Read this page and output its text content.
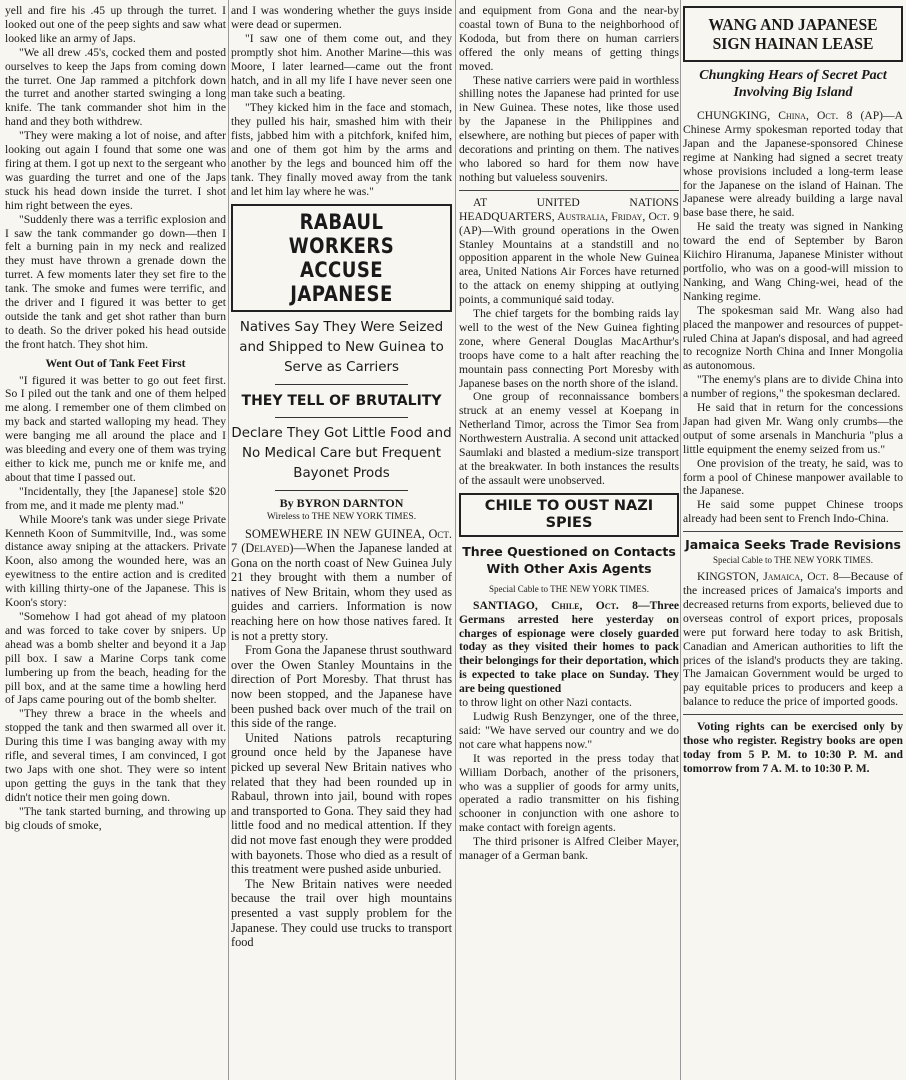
yell and fire his .45 up through the turret. I looked out one of the peep sights and saw what looked like an army of Japs.

"We all drew .45's, cocked them and posted ourselves to keep the Japs from coming down the turret. One Jap rammed a pitchfork down the turret and another started swinging a long knife. The tank commander shot him in the hand and they both withdrew.

"They were making a lot of noise, and after looking out again I found that some one was firing at them. I got up next to the sergeant who was guarding the turret and one of the Japs stuck his head down inside the turret. I shot him right between the eyes.

"Suddenly there was a terrific explosion and I saw the tank commander go down—then I felt a burning pain in my neck and realized they must have thrown a grenade down the turret. A few moments later they set fire to the tank. The smoke and fumes were terrific, and the driver and I figured it was better to get outside the tank and get shot rather than burn to death. So the driver poked his head outside the front hatch. They shot him.

Went Out of Tank Feet First

"I figured it was better to go out feet first. So I piled out the tank and one of them helped me along. I remember one of them climbed on my back and started walloping my head. They were banging me all around the place and I was bleeding and every one of them was trying either to kick me, punch me or knife me, and about that time I passed out.

"Incidentally, they [the Japanese] stole $20 from me, and it made me plenty mad."

While Moore's tank was under siege Private Kenneth Koon of Summitville, Ind., was some distance away sniping at the attackers. Private Koon, also among the wounded here, was an eyewitness to the entire action and is credited with killing thirty-one of the Japanese. This is Koon's story:

"Somehow I had got ahead of my platoon and was forced to take cover by snipers. Up ahead was a bomb shelter and beyond it a Jap pill box. I saw a Marine Corps tank come lumbering up from the beach, heading for the pill box, and at the same time a howling herd of Japs came pouring out of the bomb shelter.

"They threw a brace in the wheels and stopped the tank and then swarmed all over it. During this time I was banging away with my rifle, and several times, I am convinced, I got two Japs with one shot. They were so intent upon getting the guys in the tank that they didn't notice their men going down.

"The tank started burning, and throwing up big clouds of smoke,

and I was wondering whether the guys inside were dead or supermen.

"I saw one of them come out, and they promptly shot him. Another Marine—this was Moore, I later learned—came out the front hatch, and in all my life I have never seen one man take such a beating.

"They kicked him in the face and stomach, they pulled his hair, smashed him with their fists, jabbed him with a pitchfork, knifed him, and one of them got him by the arms and another by the legs and bounced him off the tank. They finally moved away from the tank and let him lay where he was."

RABAUL WORKERS ACCUSE JAPANESE
Natives Say They Were Seized and Shipped to New Guinea to Serve as Carriers
THEY TELL OF BRUTALITY
Declare They Got Little Food and No Medical Care but Frequent Bayonet Prods
By BYRON DARNTON
Wireless to THE NEW YORK TIMES.

SOMEWHERE IN NEW GUINEA, Oct. 7 (Delayed)—When the Japanese landed at Gona on the north coast of New Guinea July 21 they brought with them a number of natives of New Britain, whom they used as guides and carriers. Information is now reaching here on how those natives fared. It is not a pretty story.

From Gona the Japanese thrust southward over the Owen Stanley Mountains in the direction of Port Moresby. That thrust has now been stopped, and the Japanese have been pushed back over much of the trail on this side of the range.

United Nations patrols recapturing ground once held by the Japanese have picked up several New Britain natives who related that they had been rounded up in Rabaul, thrown into jail, bound with ropes and transported to Gona. They said they had little food and no medical attention. If they did not move fast enough they were prodded with bayonets. Those who died as a result of this treatment were pushed aside unburied.

The New Britain natives were needed because the trail over high mountains presented a vast supply problem for the Japanese. They could use trucks to transport food

and equipment from Gona and the near-by coastal town of Buna to the neighborhood of Kododa, but from there on human carriers offered the only means of getting things moved.

These native carriers were paid in worthless shilling notes the Japanese had printed for use in New Guinea. These notes, like those used by the Japanese in the Philippines and elsewhere, are nothing but pieces of paper with decorations and printing on them. The natives who labored so hard for them now have nothing but valueless souvenirs.

AT UNITED NATIONS HEADQUARTERS, Australia, Friday, Oct. 9 (AP)—With ground operations in the Owen Stanley Mountains at a standstill and no opposition apparent in the whole New Guinea area, United Nations Air Forces have returned to the attack on enemy shipping at outlying points, a communiqué said today.

The chief targets for the bombing raids lay well to the west of the New Guinea fighting zone, where General Douglas MacArthur's troops have come to a halt after reaching the mountain pass connecting Port Moresby with Japanese bases on the north shore of the island.

One group of reconnaissance bombers struck at an enemy vessel at Koepang in Netherland Timor, across the Timor Sea from Northwestern Australia. A second unit attacked Saumlaki and blasted a medium-size transport at the breakwater. In both instances the results of the assault were unobserved.

CHILE TO OUST NAZI SPIES
Three Questioned on Contacts With Other Axis Agents
Special Cable to THE NEW YORK TIMES.

SANTIAGO, Chile, Oct. 8—Three Germans arrested here yesterday on charges of espionage were closely guarded today as they visited their homes to pack their belongings for their deportation, which is expected to take place on Sunday. They are being questioned

to throw light on other Nazi contacts.

Ludwig Rush Benzynger, one of the three, said: "We have served our country and we do not care what happens now."

It was reported in the press today that William Dorbach, another of the prisoners, who was a supplier of goods for army units, operated a radio transmitter on his fishing schooner in conjunction with one ashore to make contact with foreign agents.

The third prisoner is Alfred Cleiber Mayer, manager of a German bank.

WANG AND JAPANESE SIGN HAINAN LEASE
Chungking Hears of Secret Pact Involving Big Island

CHUNGKING, China, Oct. 8 (AP)—A Chinese Army spokesman reported today that Japan and the Japanese-sponsored Chinese regime at Nanking had signed a secret treaty whose provisions included a long-term lease for the Japanese on the island of Hainan. The Japanese were already building a large naval base base there, he said.

He said the treaty was signed in Nanking toward the end of September by Baron Kiichiro Hiranuma, Japanese Minister without portfolio, who was on a good-will mission to Nanking, and Wang Ching-wei, head of the Nanking regime.

The spokesman said Mr. Wang also had placed the manpower and resources of puppet-ruled China at Japan's disposal, and had agreed to recognize North China and Inner Mongolia as autonomous.

"The enemy's plans are to divide China into a number of regions," the spokesman declared.

He said that in return for the concessions Japan had given Mr. Wang only crumbs—the output of some arsenals in Manchuria "plus a little equipment the enemy seized from us."

One provision of the treaty, he said, was to form a pool of Chinese manpower available to the Japanese.

He said some puppet Chinese troops already had been sent to French Indo-China.

Jamaica Seeks Trade Revisions
Special Cable to THE NEW YORK TIMES.

KINGSTON, Jamaica, Oct. 8—Because of the increased prices of Jamaica's imports and decreased returns from exports, believed due to overseas control of export prices, proposals were put forward here today to ask British, Canadian and American authorities to lift the prices of the island's products they are taking. The Jamaican Government would be urged to pay equitable prices to producers and keep a balance to reduce the price of imported goods.

Voting rights can be exercised only by those who register. Registry books are open today from 5 P. M. to 10:30 P. M. and tomorrow from 7 A. M. to 10:30 P. M.
